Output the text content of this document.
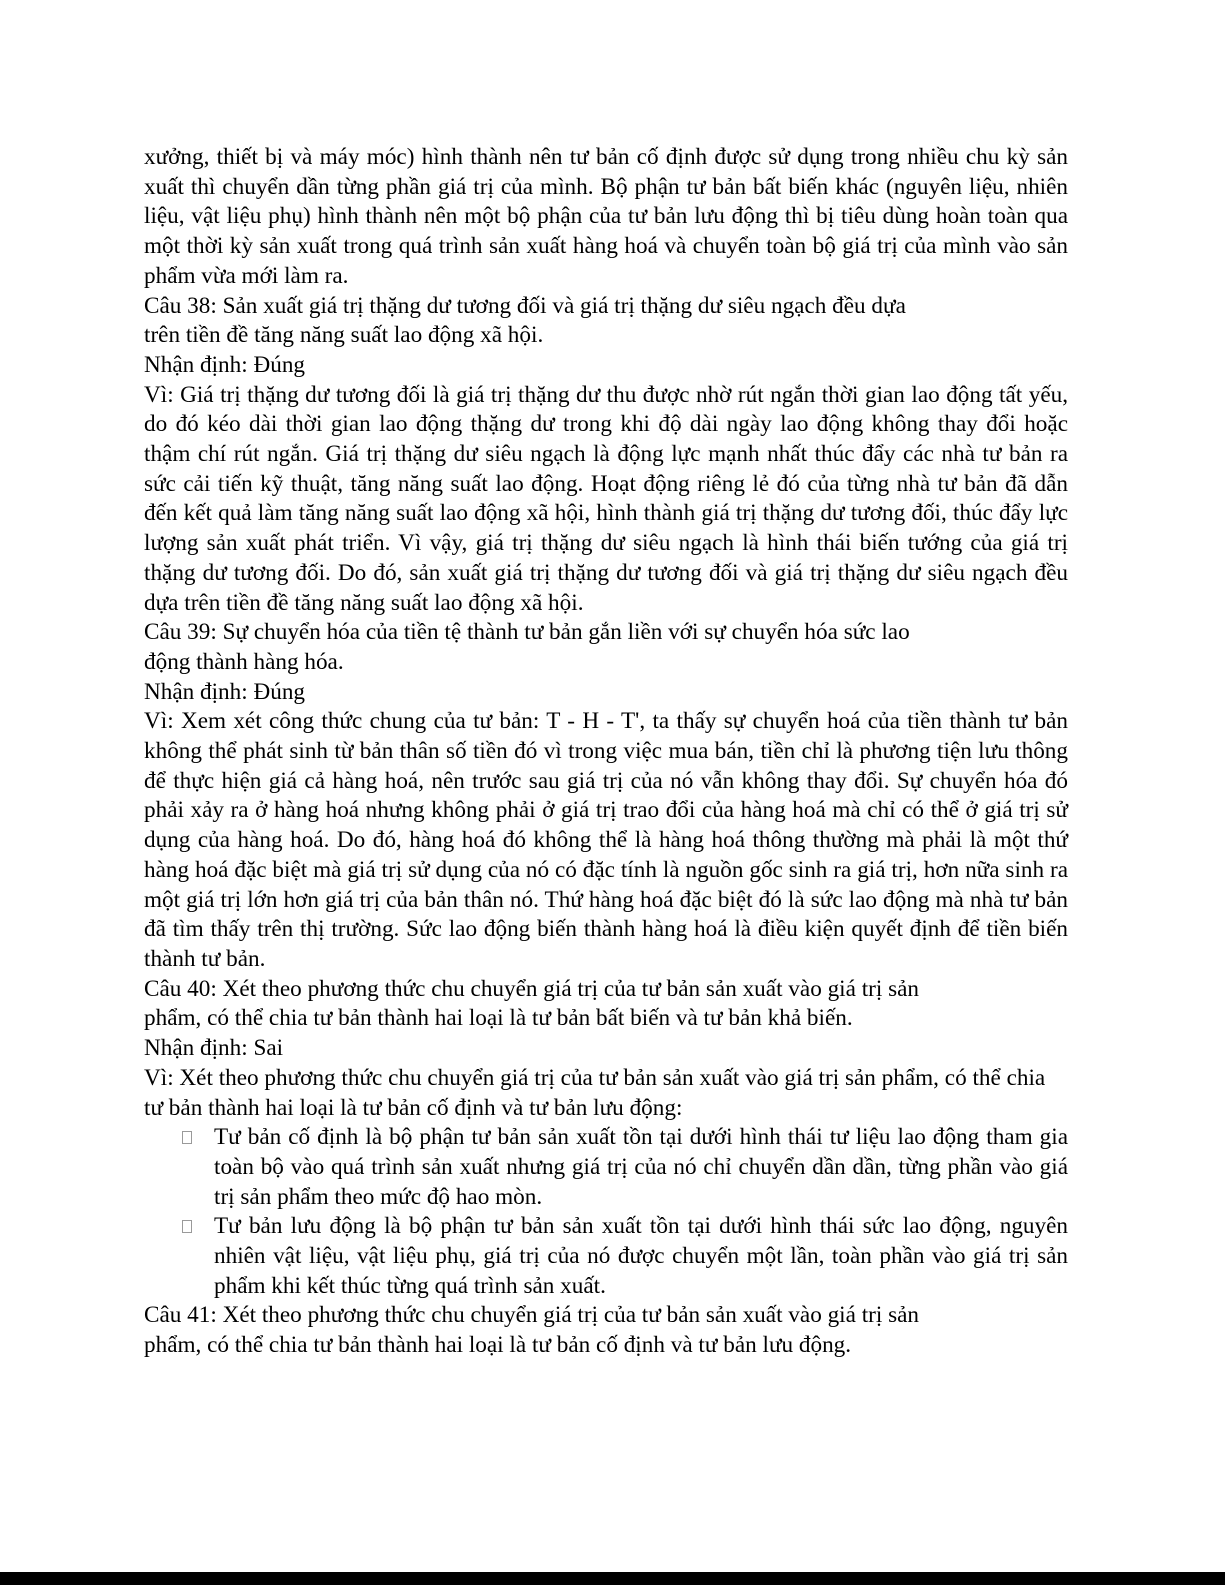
xưởng, thiết bị và máy móc) hình thành nên tư bản cố định được sử dụng trong nhiều chu kỳ sản xuất thì chuyển dần từng phần giá trị của mình. Bộ phận tư bản bất biến khác (nguyên liệu, nhiên liệu, vật liệu phụ) hình thành nên một bộ phận của tư bản lưu động thì bị tiêu dùng hoàn toàn qua một thời kỳ sản xuất trong quá trình sản xuất hàng hoá và chuyển toàn bộ giá trị của mình vào sản phẩm vừa mới làm ra.

Câu 38: Sản xuất giá trị thặng dư tương đối và giá trị thặng dư siêu ngạch đều dựa

trên tiền đề tăng năng suất lao động xã hội.

Nhận định: Đúng

Vì: Giá trị thặng dư tương đối là giá trị thặng dư thu được nhờ rút ngắn thời gian lao động tất yếu, do đó kéo dài thời gian lao động thặng dư trong khi độ dài ngày lao động không thay đổi hoặc thậm chí rút ngắn. Giá trị thặng dư siêu ngạch là động lực mạnh nhất thúc đẩy các nhà tư bản ra sức cải tiến kỹ thuật, tăng năng suất lao động. Hoạt động riêng lẻ đó của từng nhà tư bản đã dẫn đến kết quả làm tăng năng suất lao động xã hội, hình thành giá trị thặng dư tương đối, thúc đẩy lực lượng sản xuất phát triển. Vì vậy, giá trị thặng dư siêu ngạch là hình thái biến tướng của giá trị thặng dư tương đối. Do đó, sản xuất giá trị thặng dư tương đối và giá trị thặng dư siêu ngạch đều dựa trên tiền đề tăng năng suất lao động xã hội.

Câu 39: Sự chuyển hóa của tiền tệ thành tư bản gắn liền với sự chuyển hóa sức lao

động thành hàng hóa.

Nhận định: Đúng

Vì: Xem xét công thức chung của tư bản: T - H - T', ta thấy sự chuyển hoá của tiền thành tư bản không thể phát sinh từ bản thân số tiền đó vì trong việc mua bán, tiền chỉ là phương tiện lưu thông để thực hiện giá cả hàng hoá, nên trước sau giá trị của nó vẫn không thay đổi. Sự chuyển hóa đó phải xảy ra ở hàng hoá nhưng không phải ở giá trị trao đổi của hàng hoá mà chỉ có thể ở giá trị sử dụng của hàng hoá. Do đó, hàng hoá đó không thể là hàng hoá thông thường mà phải là một thứ hàng hoá đặc biệt mà giá trị sử dụng của nó có đặc tính là nguồn gốc sinh ra giá trị, hơn nữa sinh ra một giá trị lớn hơn giá trị của bản thân nó. Thứ hàng hoá đặc biệt đó là sức lao động mà nhà tư bản đã tìm thấy trên thị trường. Sức lao động biến thành hàng hoá là điều kiện quyết định để tiền biến thành tư bản.

Câu 40: Xét theo phương thức chu chuyển giá trị của tư bản sản xuất vào giá trị sản

phẩm, có thể chia tư bản thành hai loại là tư bản bất biến và tư bản khả biến.

Nhận định: Sai

Vì: Xét theo phương thức chu chuyển giá trị của tư bản sản xuất vào giá trị sản phẩm, có thể chia tư bản thành hai loại là tư bản cố định và tư bản lưu động:

Tư bản cố định là bộ phận tư bản sản xuất tồn tại dưới hình thái tư liệu lao động tham gia toàn bộ vào quá trình sản xuất nhưng giá trị của nó chỉ chuyển dần dần, từng phần vào giá trị sản phẩm theo mức độ hao mòn.
Tư bản lưu động là bộ phận tư bản sản xuất tồn tại dưới hình thái sức lao động, nguyên nhiên vật liệu, vật liệu phụ, giá trị của nó được chuyển một lần, toàn phần vào giá trị sản phẩm khi kết thúc từng quá trình sản xuất.

Câu 41: Xét theo phương thức chu chuyển giá trị của tư bản sản xuất vào giá trị sản

phẩm, có thể chia tư bản thành hai loại là tư bản cố định và tư bản lưu động.
